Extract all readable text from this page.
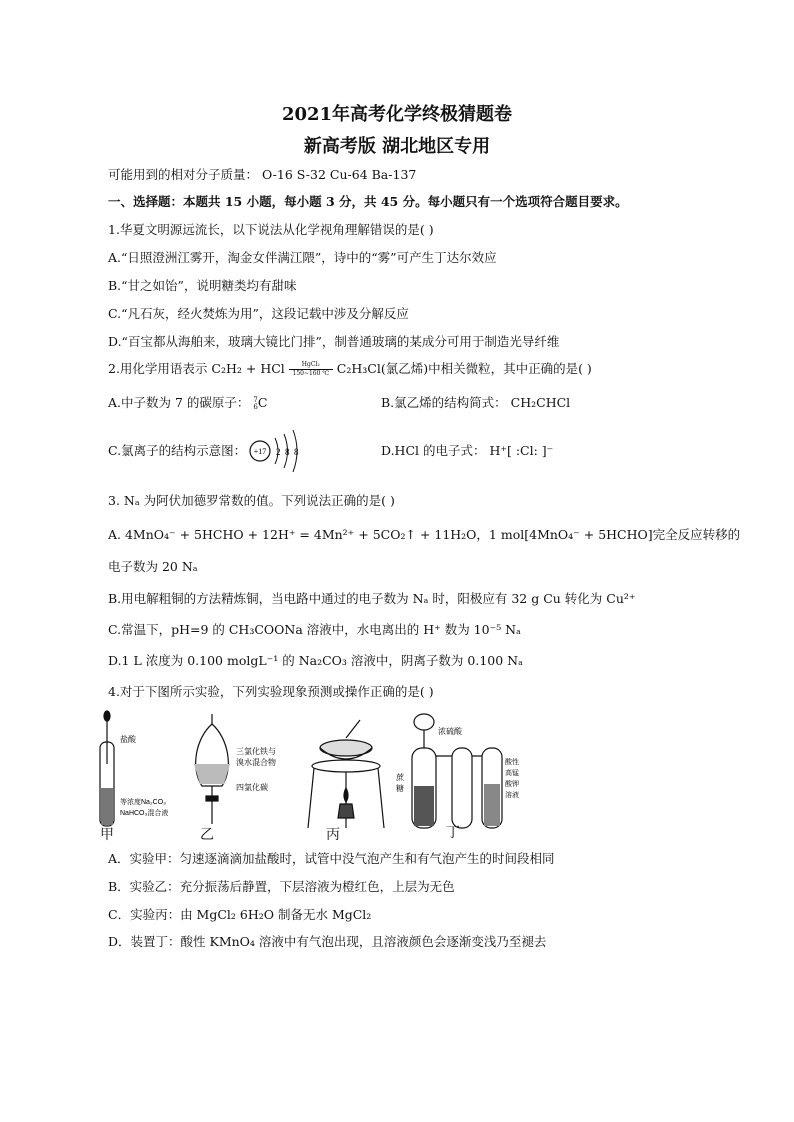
2021年高考化学终极猜题卷
新高考版 湖北地区专用
可能用到的相对分子质量： O-16 S-32 Cu-64 Ba-137
一、选择题：本题共 15 小题，每小题 3 分，共 45 分。每小题只有一个选项符合题目要求。
1.华夏文明源远流长，以下说法从化学视角理解错误的是( )
A.“日照澄洲江雾开，淘金女伴满江隈”，诗中的“雾”可产生丁达尔效应
B.“甘之如饴”，说明糖类均有甜味
C.“凡石灰，经火焚炼为用”，这段记载中涉及分解反应
D.“百宝都从海舶来，玻璃大镜比门排”，制普通玻璃的某成分可用于制造光导纤维
2.用化学用语表示 C₂H₂ + HCl $\frac{\text{HgCl₂}}{150\sim 160 ℃} C_2H_3Cl$(氯乙烯)中相关微粒，其中正确的是( )
A.中子数为 7 的碳原子： 7
6C	B.氯乙烯的结构简式： CH₂CHCl
C.氯离子的结构示意图： +17 2 8 8	D.HCl 的电子式： H⁺[ :Cl: ]⁻
3. Nₐ 为阿伏加德罗常数的值。下列说法正确的是( )
A. 4MnO₄⁻ + 5HCHO + 12H⁺ = 4Mn²⁺ + 5CO₂↑ + 11H₂O，1 mol[4MnO₄⁻ + 5HCHO]完全反应转移的
电子数为 20 Nₐ
B.用电解粗铜的方法精炼铜，当电路中通过的电子数为 Nₐ 时，阳极应有 32 g Cu 转化为 Cu²⁺
C.常温下，pH=9 的 CH₃COONa 溶液中，水电离出的 H⁺ 数为 10⁻⁵ Nₐ
D.1 L 浓度为 0.100 molgL⁻¹ 的 Na₂CO₃ 溶液中，阴离子数为 0.100 Nₐ
4.对于下图所示实验，下列实验现象预测或操作正确的是( )
盐酸
等浓度Na₂CO₃
NaHCO₃混合液
三氯化铁与
溴水混合物
四氯化碳
浓硫酸
蔗
糖
酸性
高锰
酸钾
溶液
甲	乙	丙	丁
A．实验甲：匀速逐滴滴加盐酸时，试管中没气泡产生和有气泡产生的时间段相同
B．实验乙：充分振荡后静置，下层溶液为橙红色，上层为无色
C．实验丙：由 MgCl₂ 6H₂O 制备无水 MgCl₂
D．装置丁：酸性 KMnO₄ 溶液中有气泡出现，且溶液颜色会逐渐变浅乃至褪去
